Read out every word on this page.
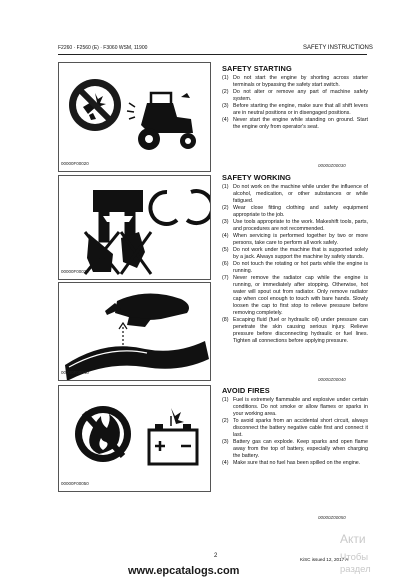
F2260 · F2560 (E) · F3060 WSM, 11900	SAFETY INSTRUCTIONS
00000F00020
00000F00030
00000F00040
00000F00050
SAFETY STARTING
(1) Do not start the engine by shorting across starter terminals or bypassing the safety start switch.
(2) Do not alter or remove any part of machine safety system.
(3) Before starting the engine, make sure that all shift levers are in neutral positions or in disengaged positions.
(4) Never start the engine while standing on ground. Start the engine only from operator's seat.
00000Z00030
SAFETY WORKING
(1) Do not work on the machine while under the influence of alcohol, medication, or other substances or while fatigued.
(2) Wear close fitting clothing and safety equipment appropriate to the job.
(3) Use tools appropriate to the work. Makeshift tools, parts, and procedures are not recommended.
(4) When servicing is performed together by two or more persons, take care to perform all work safely.
(5) Do not work under the machine that is supported solely by a jack. Always support the machine by safety stands.
(6) Do not touch the rotating or hot parts while the engine is running.
(7) Never remove the radiator cap while the engine is running, or immediately after stopping. Otherwise, hot water will spout out from radiator. Only remove radiator cap when cool enough to touch with bare hands. Slowly loosen the cap to first stop to relieve pressure before removing completely.
(8) Escaping fluid (fuel or hydraulic oil) under pressure can penetrate the skin causing serious injury. Relieve pressure before disconnecting hydraulic or fuel lines. Tighten all connections before applying pressure.
00000Z00040
AVOID FIRES
(1) Fuel is extremely flammable and explosive under certain conditions. Do not smoke or allow flames or sparks in your working area.
(2) To avoid sparks from an accidental short circuit, always disconnect the battery negative cable first and connect it last.
(3) Battery gas can explode. Keep sparks and open flame away from the top of battery, especially when charging the battery.
(4) Make sure that no fuel has been spilled on the engine.
00000Z00050
2
KiSC issued 12, 2017 A
Акти
Чтобы
раздел
www.epcatalogs.com
